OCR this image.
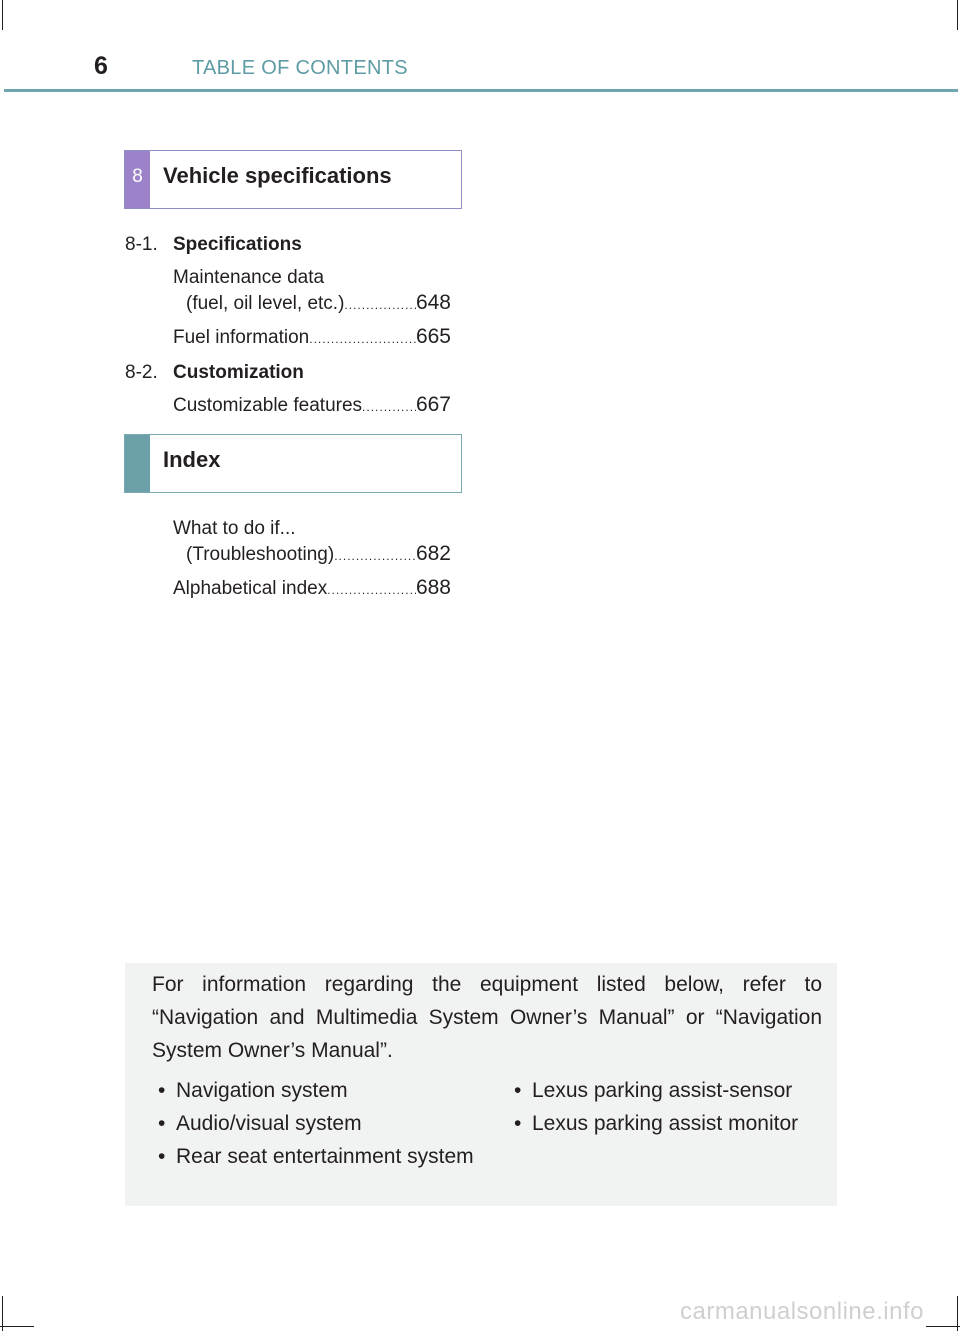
6	TABLE OF CONTENTS
8 Vehicle specifications
8-1. Specifications
Maintenance data
(fuel, oil level, etc.) .....	648
Fuel information .....	665
8-2. Customization
Customizable features .....	667
Index
What to do if...
(Troubleshooting) .....	682
Alphabetical index .....	688
For information regarding the equipment listed below, refer to “Navigation and Multimedia System Owner’s Manual” or “Navigation System Owner’s Manual”.
• Navigation system
• Audio/visual system
• Rear seat entertainment system
• Lexus parking assist-sensor
• Lexus parking assist monitor
carmanualsonline.info
